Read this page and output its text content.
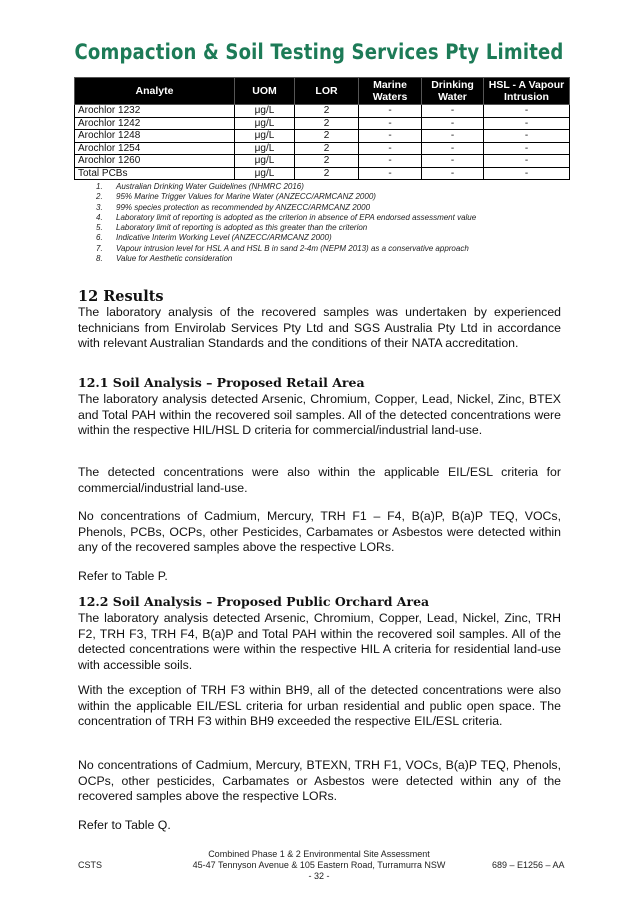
Compaction & Soil Testing Services Pty Limited
Analyte	UOM	LOR	Marine Waters	Drinking Water	HSL - A Vapour Intrusion
Arochlor 1232	μg/L	2	-	-	-
Arochlor 1242	μg/L	2	-	-	-
Arochlor 1248	μg/L	2	-	-	-
Arochlor 1254	μg/L	2	-	-	-
Arochlor 1260	μg/L	2	-	-	-
Total PCBs	μg/L	2	-	-	-
1. Australian Drinking Water Guidelines (NHMRC 2016)
2. 95% Marine Trigger Values for Marine Water (ANZECC/ARMCANZ 2000)
3. 99% species protection as recommended by ANZECC/ARMCANZ 2000
4. Laboratory limit of reporting is adopted as the criterion in absence of EPA endorsed assessment value
5. Laboratory limit of reporting is adopted as this greater than the criterion
6. Indicative Interim Working Level (ANZECC/ARMCANZ 2000)
7. Vapour intrusion level for HSL A and HSL B in sand 2-4m (NEPM 2013) as a conservative approach
8. Value for Aesthetic consideration
12 Results
The laboratory analysis of the recovered samples was undertaken by experienced technicians from Envirolab Services Pty Ltd and SGS Australia Pty Ltd in accordance with relevant Australian Standards and the conditions of their NATA accreditation.
12.1 Soil Analysis – Proposed Retail Area
The laboratory analysis detected Arsenic, Chromium, Copper, Lead, Nickel, Zinc, BTEX and Total PAH within the recovered soil samples. All of the detected concentrations were within the respective HIL/HSL D criteria for commercial/industrial land-use.
The detected concentrations were also within the applicable EIL/ESL criteria for commercial/industrial land-use.
No concentrations of Cadmium, Mercury, TRH F1 – F4, B(a)P, B(a)P TEQ, VOCs, Phenols, PCBs, OCPs, other Pesticides, Carbamates or Asbestos were detected within any of the recovered samples above the respective LORs.
Refer to Table P.
12.2 Soil Analysis – Proposed Public Orchard Area
The laboratory analysis detected Arsenic, Chromium, Copper, Lead, Nickel, Zinc, TRH F2, TRH F3, TRH F4, B(a)P and Total PAH within the recovered soil samples. All of the detected concentrations were within the respective HIL A criteria for residential land-use with accessible soils.
With the exception of TRH F3 within BH9, all of the detected concentrations were also within the applicable EIL/ESL criteria for urban residential and public open space. The concentration of TRH F3 within BH9 exceeded the respective EIL/ESL criteria.
No concentrations of Cadmium, Mercury, BTEXN, TRH F1, VOCs, B(a)P TEQ, Phenols, OCPs, other pesticides, Carbamates or Asbestos were detected within any of the recovered samples above the respective LORs.
Refer to Table Q.
CSTS
Combined Phase 1 & 2 Environmental Site Assessment
45-47 Tennyson Avenue & 105 Eastern Road, Turramurra NSW
- 32 -
689 – E1256 – AA
